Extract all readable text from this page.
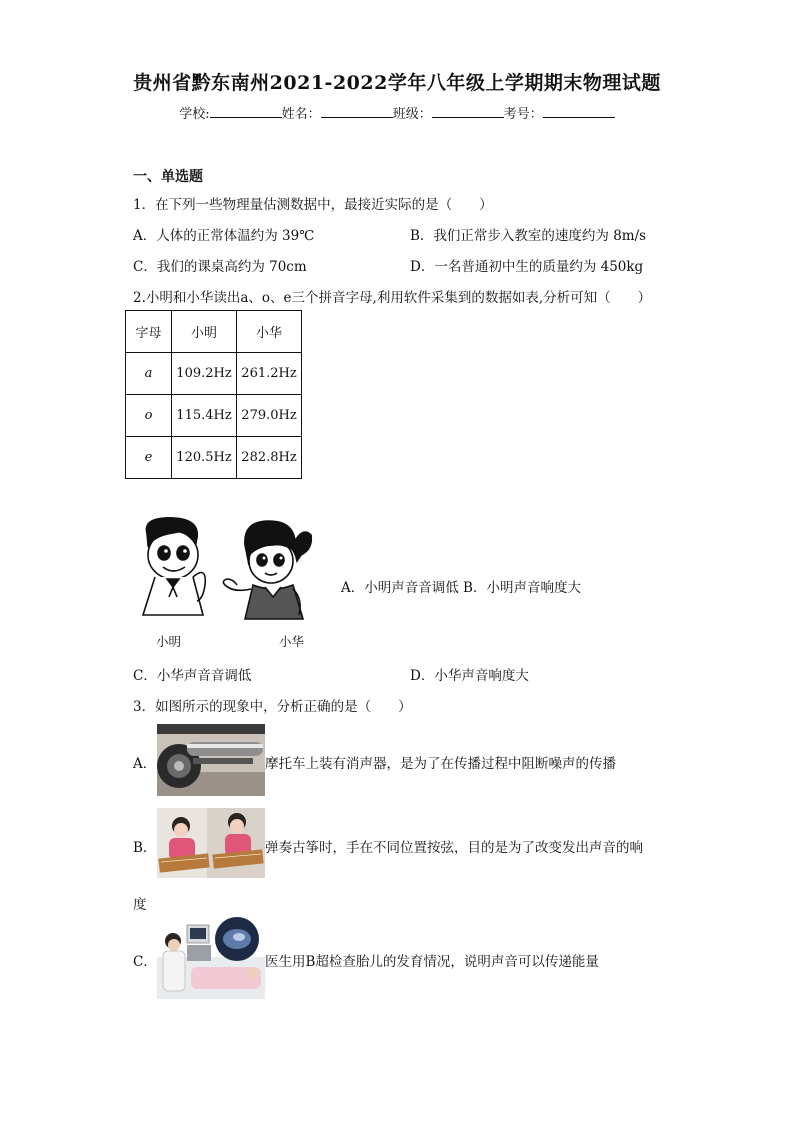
贵州省黔东南州2021-2022学年八年级上学期期末物理试题
学校:	姓名：	班级：	考号：
一、单选题
1．在下列一些物理量估测数据中，最接近实际的是（　　）
A．人体的正常体温约为 39℃	B．我们正常步入教室的速度约为 8m/s
C．我们的课桌高约为 70cm	D．一名普通初中生的质量约为 450kg
2.小明和小华读出a、o、e三个拼音字母,利用软件采集到的数据如表,分析可知（　　）
字母	小明	小华
a	109.2Hz	261.2Hz
o	115.4Hz	279.0Hz
e	120.5Hz	282.8Hz
小明	小华
A．小明声音音调低 B．小明声音响度大
C．小华声音音调低	D．小华声音响度大
3．如图所示的现象中，分析正确的是（　　）
A．	摩托车上装有消声器，是为了在传播过程中阻断噪声的传播
B．	弹奏古筝时，手在不同位置按弦，目的是为了改变发出声音的响
度
C．	医生用B超检查胎儿的发育情况，说明声音可以传递能量
